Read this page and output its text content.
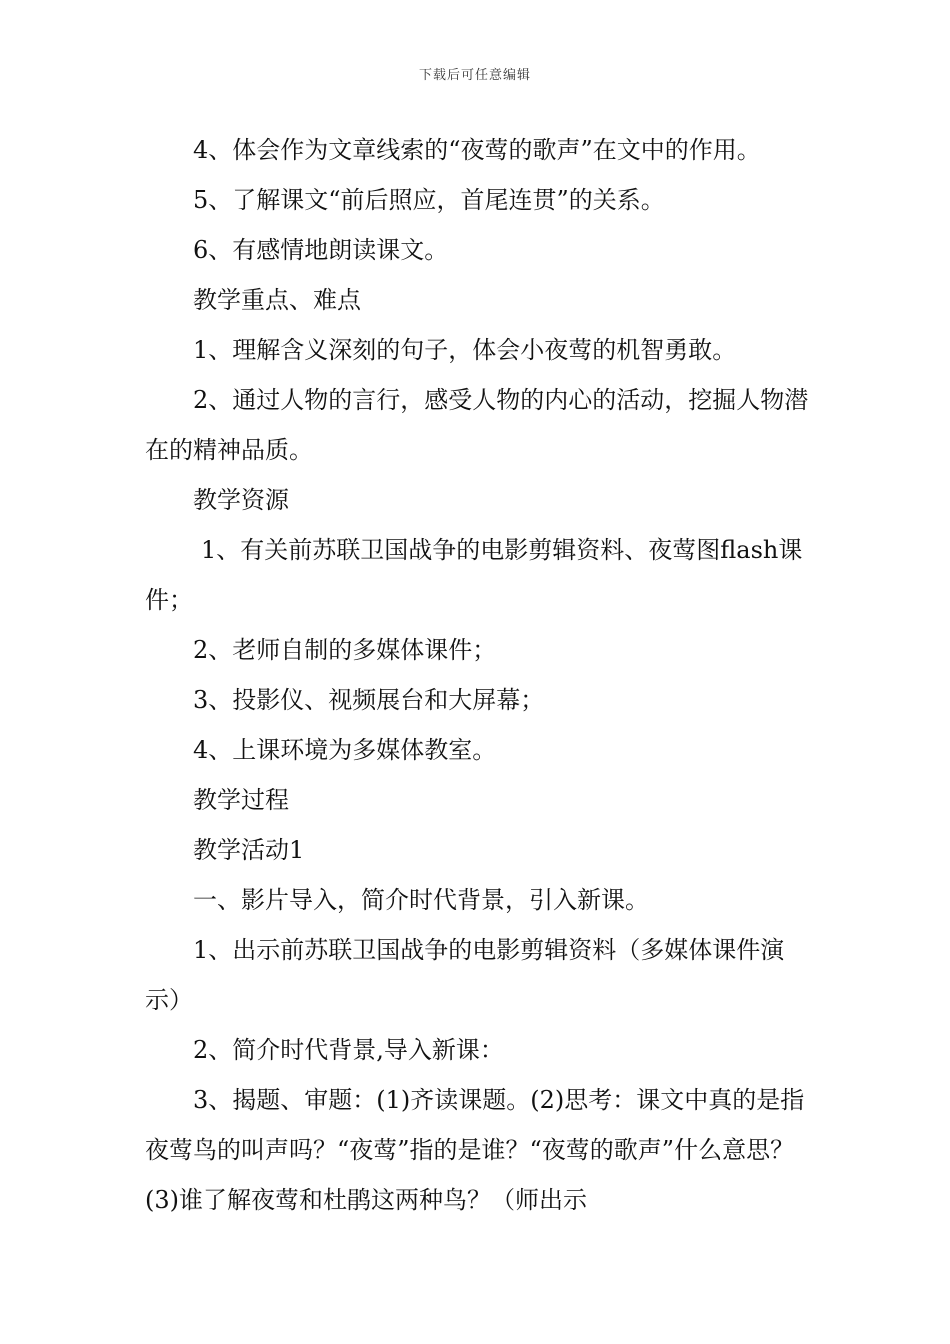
下载后可任意编辑

4、体会作为文章线索的“夜莺的歌声”在文中的作用。

5、了解课文“前后照应，首尾连贯”的关系。

6、有感情地朗读课文。

教学重点、难点

1、理解含义深刻的句子，体会小夜莺的机智勇敢。

2、通过人物的言行，感受人物的内心的活动，挖掘人物潜在的精神品质。

教学资源

1、有关前苏联卫国战争的电影剪辑资料、夜莺图flash课件；

2、老师自制的多媒体课件；

3、投影仪、视频展台和大屏幕；

4、上课环境为多媒体教室。

教学过程

教学活动1

一、影片导入，简介时代背景，引入新课。

1、出示前苏联卫国战争的电影剪辑资料（多媒体课件演示）

2、简介时代背景,导入新课：

3、揭题、审题：(1)齐读课题。(2)思考：课文中真的是指夜莺鸟的叫声吗？“夜莺”指的是谁？“夜莺的歌声”什么意思？(3)谁了解夜莺和杜鹃这两种鸟？（师出示
